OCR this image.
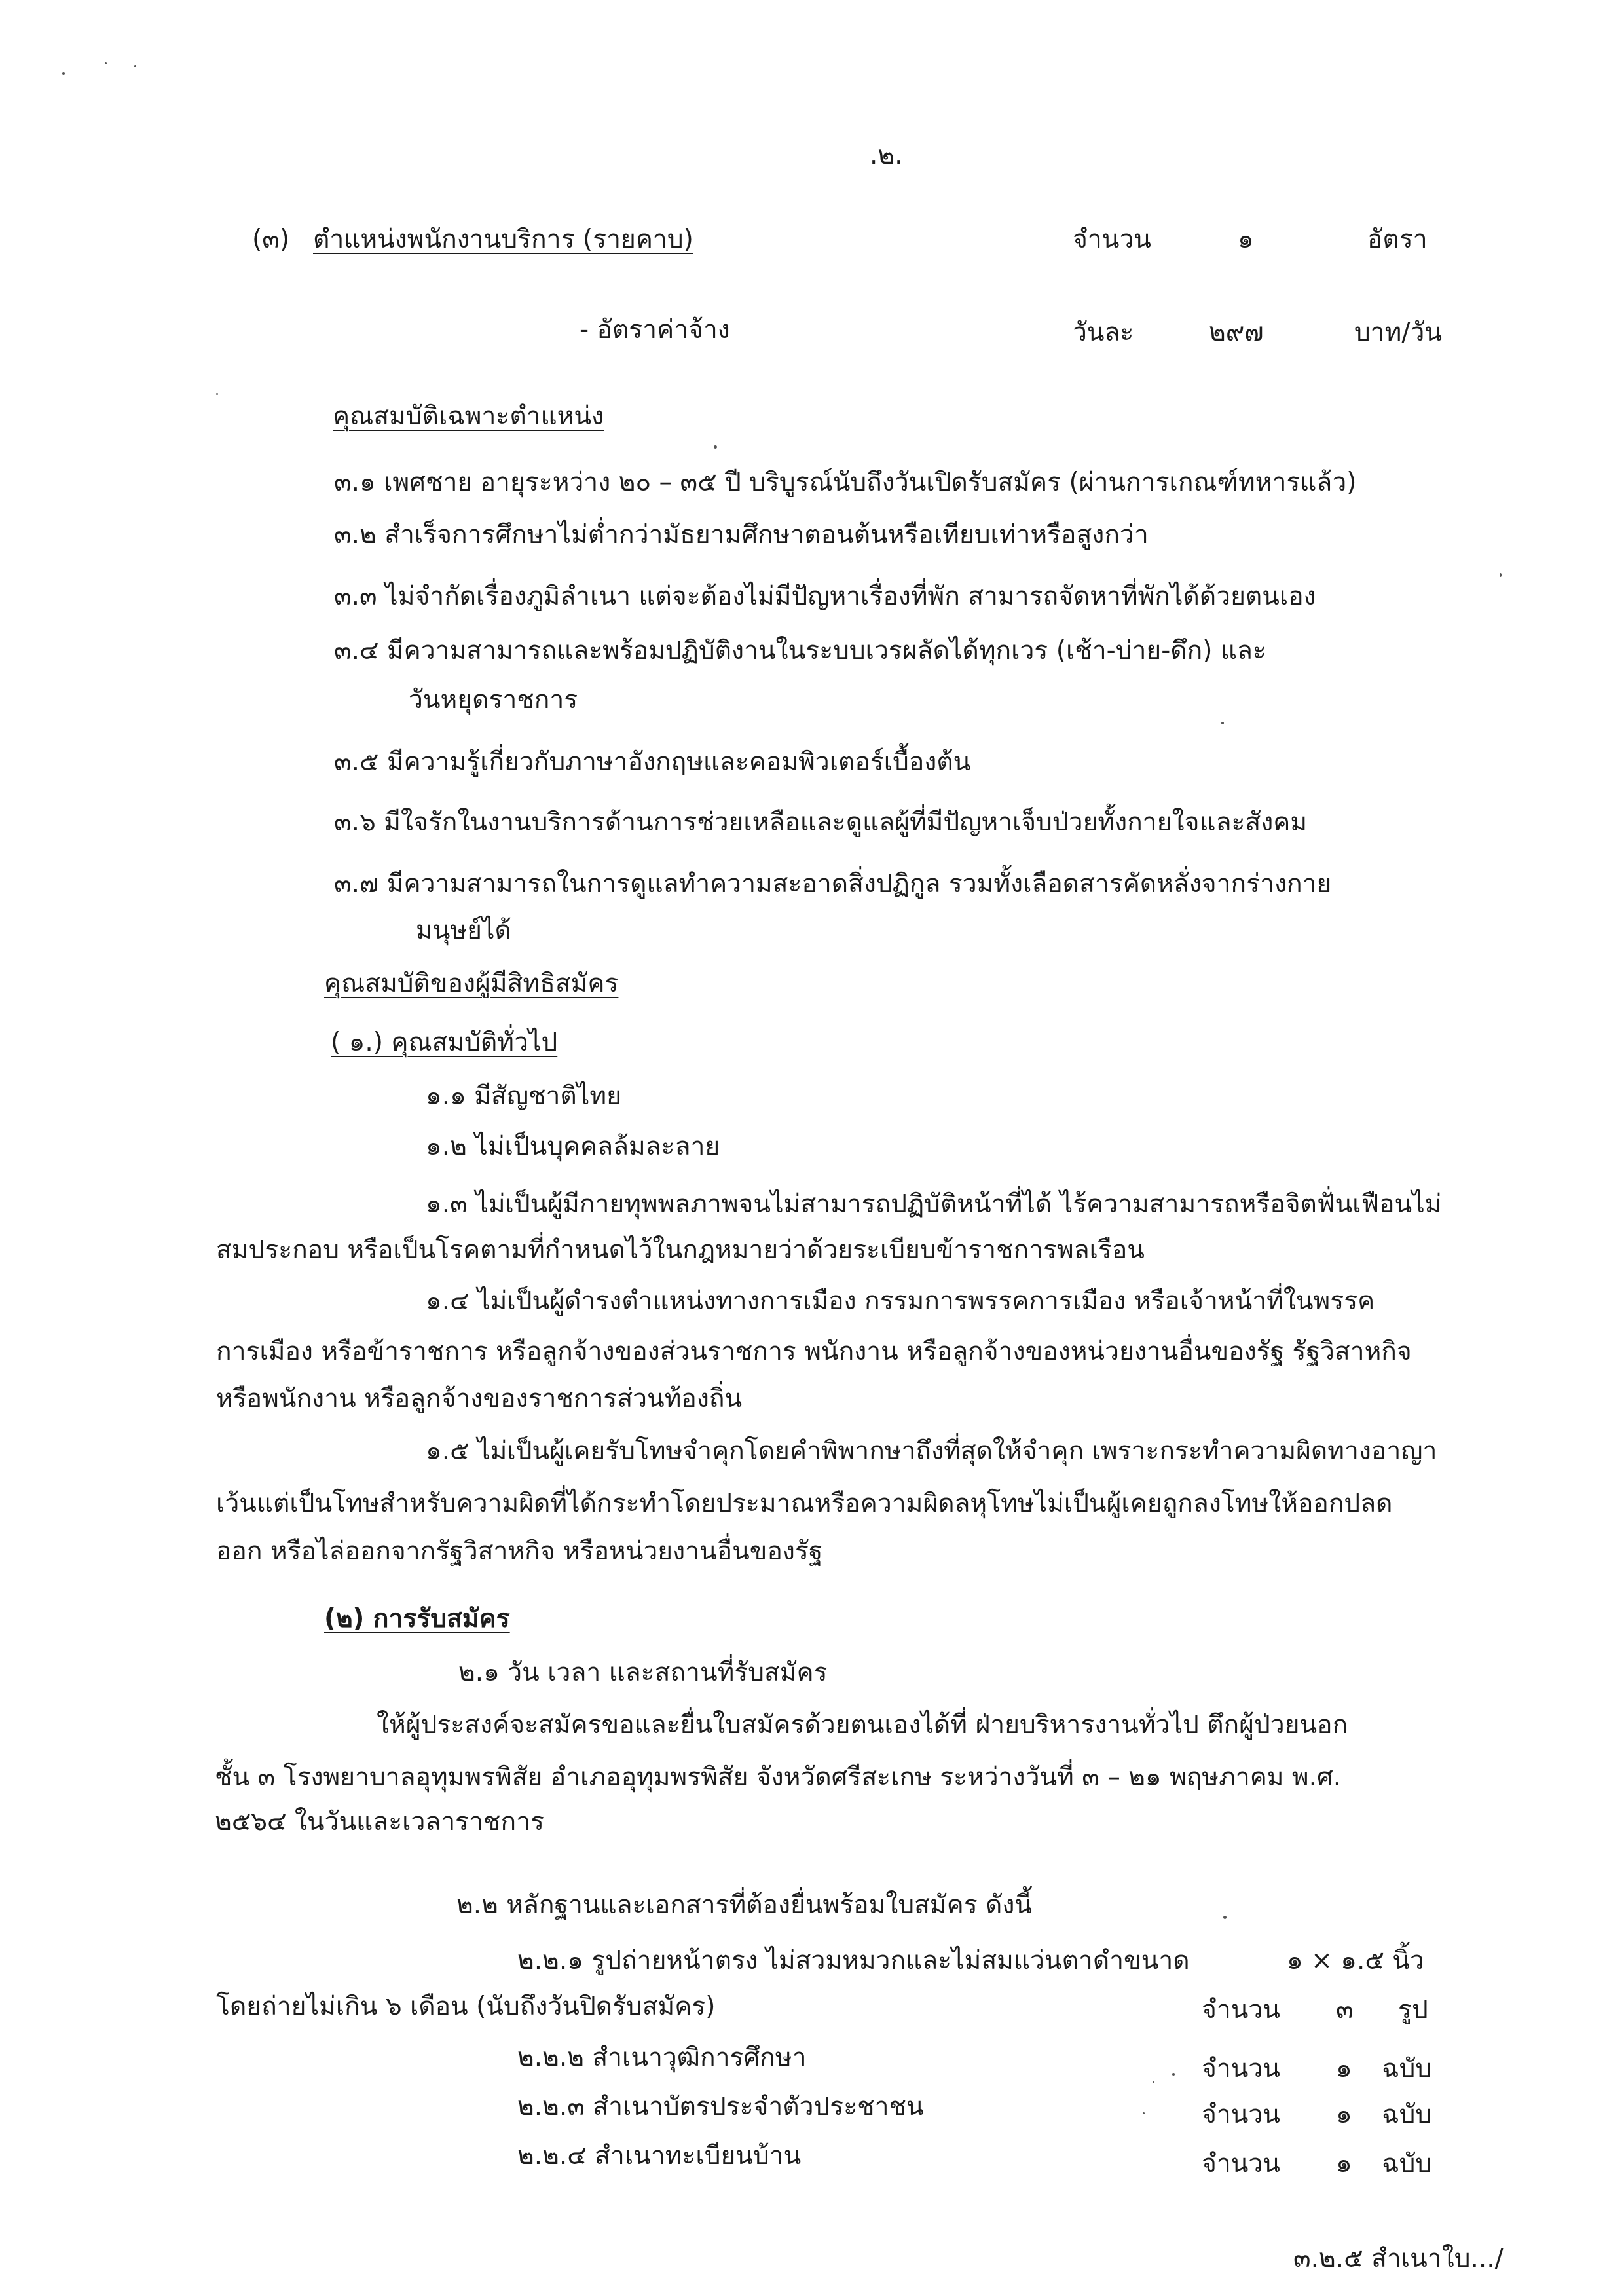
.๒.
(๓) ตำแหน่งพนักงานบริการ (รายคาบ)	จำนวน	๑	อัตรา
- อัตราค่าจ้าง	วันละ	๒๙๗	บาท/วัน
คุณสมบัติเฉพาะตำแหน่ง
๓.๑ เพศชาย อายุระหว่าง ๒๐ – ๓๕ ปี บริบูรณ์นับถึงวันเปิดรับสมัคร (ผ่านการเกณฑ์ทหารแล้ว)
๓.๒ สำเร็จการศึกษาไม่ต่ำกว่ามัธยามศึกษาตอนต้นหรือเทียบเท่าหรือสูงกว่า
๓.๓ ไม่จำกัดเรื่องภูมิลำเนา แต่จะต้องไม่มีปัญหาเรื่องที่พัก สามารถจัดหาที่พักได้ด้วยตนเอง
๓.๔ มีความสามารถและพร้อมปฏิบัติงานในระบบเวรผลัดได้ทุกเวร (เช้า-บ่าย-ดึก) และ
วันหยุดราชการ
๓.๕ มีความรู้เกี่ยวกับภาษาอังกฤษและคอมพิวเตอร์เบื้องต้น
๓.๖ มีใจรักในงานบริการด้านการช่วยเหลือและดูแลผู้ที่มีปัญหาเจ็บป่วยทั้งกายใจและสังคม
๓.๗ มีความสามารถในการดูแลทำความสะอาดสิ่งปฏิกูล รวมทั้งเลือดสารคัดหลั่งจากร่างกาย
มนุษย์ได้
คุณสมบัติของผู้มีสิทธิสมัคร
( ๑.) คุณสมบัติทั่วไป
๑.๑ มีสัญชาติไทย
๑.๒ ไม่เป็นบุคคลล้มละลาย
๑.๓ ไม่เป็นผู้มีกายทุพพลภาพจนไม่สามารถปฏิบัติหน้าที่ได้ ไร้ความสามารถหรือจิตฟั่นเฟือนไม่
สมประกอบ หรือเป็นโรคตามที่กำหนดไว้ในกฎหมายว่าด้วยระเบียบข้าราชการพลเรือน
๑.๔ ไม่เป็นผู้ดำรงตำแหน่งทางการเมือง กรรมการพรรคการเมือง หรือเจ้าหน้าที่ในพรรค
การเมือง หรือข้าราชการ หรือลูกจ้างของส่วนราชการ พนักงาน หรือลูกจ้างของหน่วยงานอื่นของรัฐ รัฐวิสาหกิจ
หรือพนักงาน หรือลูกจ้างของราชการส่วนท้องถิ่น
๑.๕ ไม่เป็นผู้เคยรับโทษจำคุกโดยคำพิพากษาถึงที่สุดให้จำคุก เพราะกระทำความผิดทางอาญา
เว้นแต่เป็นโทษสำหรับความผิดที่ได้กระทำโดยประมาณหรือความผิดลหุโทษไม่เป็นผู้เคยถูกลงโทษให้ออกปลด
ออก หรือไล่ออกจากรัฐวิสาหกิจ หรือหน่วยงานอื่นของรัฐ
(๒) การรับสมัคร
๒.๑ วัน เวลา และสถานที่รับสมัคร
ให้ผู้ประสงค์จะสมัครขอและยื่นใบสมัครด้วยตนเองได้ที่ ฝ่ายบริหารงานทั่วไป ตึกผู้ป่วยนอก
ชั้น ๓ โรงพยาบาลอุทุมพรพิสัย อำเภออุทุมพรพิสัย จังหวัดศรีสะเกษ ระหว่างวันที่ ๓ – ๒๑ พฤษภาคม พ.ศ.
๒๕๖๔ ในวันและเวลาราชการ
๒.๒ หลักฐานและเอกสารที่ต้องยื่นพร้อมใบสมัคร ดังนี้
๒.๒.๑ รูปถ่ายหน้าตรง ไม่สวมหมวกและไม่สมแว่นตาดำขนาด	๑ × ๑.๕ นิ้ว
โดยถ่ายไม่เกิน ๖ เดือน (นับถึงวันปิดรับสมัคร)	จำนวน ๓ รูป
๒.๒.๒ สำเนาวุฒิการศึกษา	จำนวน ๑ ฉบับ
๒.๒.๓ สำเนาบัตรประจำตัวประชาชน	จำนวน ๑ ฉบับ
๒.๒.๔ สำเนาทะเบียนบ้าน	จำนวน ๑ ฉบับ
๓.๒.๕ สำเนาใบ.../
